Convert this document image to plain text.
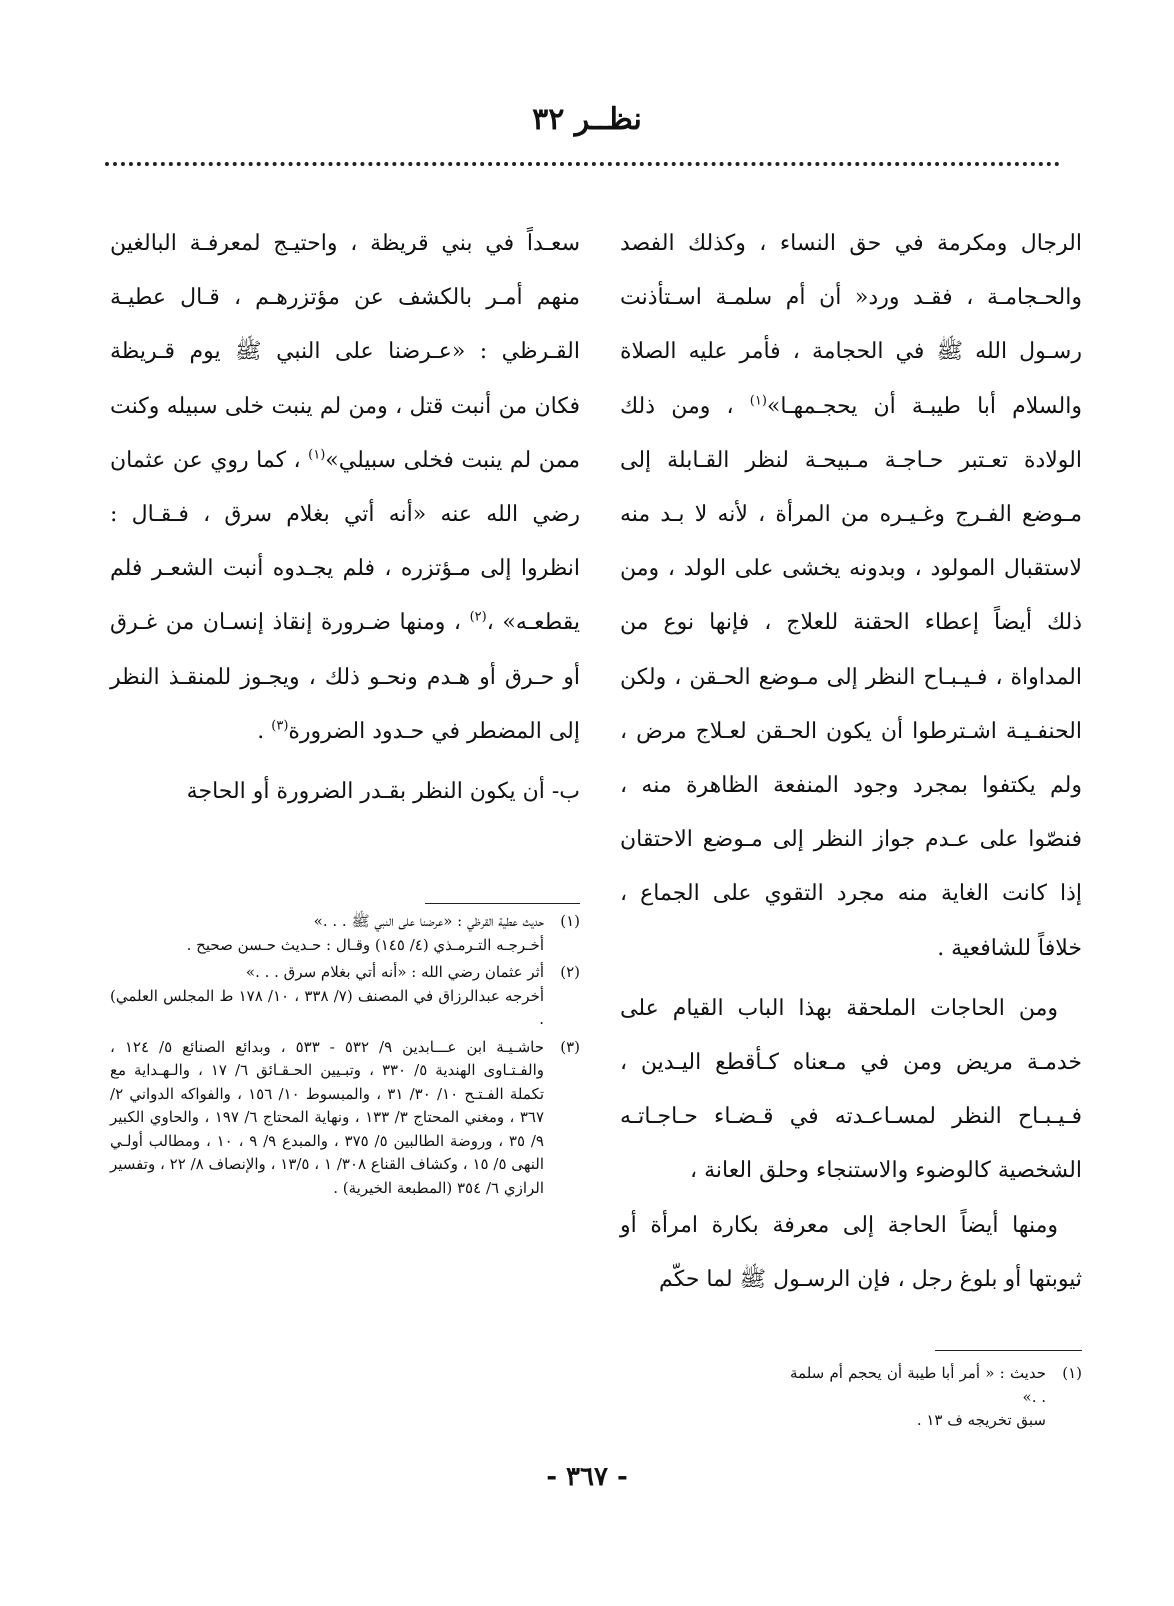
نظــر ٣٢

الرجال ومكرمة في حق النساء ، وكذلك الفصد والحـجامـة ، فقـد ورد« أن أم سلمـة اسـتأذنت رسـول الله ﷺ في الحجامة ، فأمر عليه الصلاة والسلام أبا طيبـة أن يحجـمهـا»$^{(١)}$ ، ومن ذلك الولادة تعـتبر حـاجـة مـبيحـة لنظر القـابلة إلى مـوضع الفـرج وغـيـره من المرأة ، لأنه لا بـد منه لاستقبال المولود ، وبدونه يخشى على الولد ، ومن ذلك أيضاً إعطاء الحقنة للعلاج ، فإنها نوع من المداواة ، فـيـبـاح النظر إلى مـوضع الحـقن ، ولكن الحنفـيـة اشـترطوا أن يكون الحـقن لعـلاج مرض ، ولم يكتفوا بمجرد وجود المنفعة الظاهرة منه ، فنصّوا على عـدم جواز النظر إلى مـوضع الاحتقان إذا كانت الغاية منه مجرد التقوي على الجماع ، خلافاً للشافعية .

ومن الحاجات الملحقة بهذا الباب القيام على خدمـة مريض ومن في مـعناه كـأقطع اليـدين ، فـيـبـاح النظر لمسـاعـدته في قـضـاء حـاجـاتـه الشخصية كالوضوء والاستنجاء وحلق العانة ،

ومنها أيضاً الحاجة إلى معرفة بكارة امرأة أو ثيوبتها أو بلوغ رجل ، فإن الرسـول ﷺ لما حكّم

سعـداً في بني قريظة ، واحتيـج لمعرفـة البالغين منهم أمـر بالكشف عن مؤتزرهـم ، قـال عطيـة القـرظي : «عـرضنا على النبي ﷺ يوم قـريظة فكان من أنبت قتل ، ومن لم ينبت خلى سبيله وكنت ممن لم ينبت فخلى سبيلي»$^{(١)}$ ، كما روي عن عثمان رضي الله عنه «أنه أتي بغلام سرق ، فـقـال : انظروا إلى مـؤتزره ، فلم يجـدوه أنبت الشعـر فلم يقطعـه» ،$^{(٢)}$ ، ومنها ضـرورة إنقاذ إنسـان من غـرق أو حـرق أو هـدم ونحـو ذلك ، ويجـوز للمنقـذ النظر إلى المضطر في حـدود الضرورة$^{(٣)}$ .

ب- أن يكون النظر بقـدر الضرورة أو الحاجة

(١)
حديث عطية القرظي : «عرضنا على النبي ﷺ . . .»
أخـرجـه التـرمـذي (٤/ ١٤٥) وقـال : حـديث حـسن صحيح .
(٢)
أثر عثمان رضي الله : «أنه أتي بغلام سرق . . .»
أخرجه عبدالرزاق في المصنف (٧/ ٣٣٨ ، ١٠/ ١٧٨ ط المجلس العلمي) .
(٣)
حاشـيـة ابن عـــابدين ٩/ ٥٣٢ - ٥٣٣ ، وبدائع الصنائع ٥/ ١٢٤ ، والفـتـاوى الهندية ٥/ ٣٣٠ ، وتبـيين الحـقـائق ٦/ ١٧ ، والـهـداية مع تكملة الفـتـح ١٠/ ٣٠/ ٣١ ، والمبسوط ١٠/ ١٥٦ ، والفواكه الدواني ٢/ ٣٦٧ ، ومغني المحتاج ٣/ ١٣٣ ، ونهاية المحتاج ٦/ ١٩٧ ، والحاوي الكبير ٩/ ٣٥ ، وروضة الطالبين ٥/ ٣٧٥ ، والمبدع ٩/ ٩ ، ١٠ ، ومطالب أولـي النهى ٥/ ١٥ ، وكشاف القناع ٣٠٨/ ١ ، ١٣/٥ ، والإنصاف ٨/ ٢٢ ، وتفسير الرازي ٦/ ٣٥٤ (المطبعة الخيرية) .
(١)
حديث : « أمر أبا طيبة أن يحجم أم سلمة . .»
سبق تخريجه ف ١٣ .
- ٣٦٧ -
